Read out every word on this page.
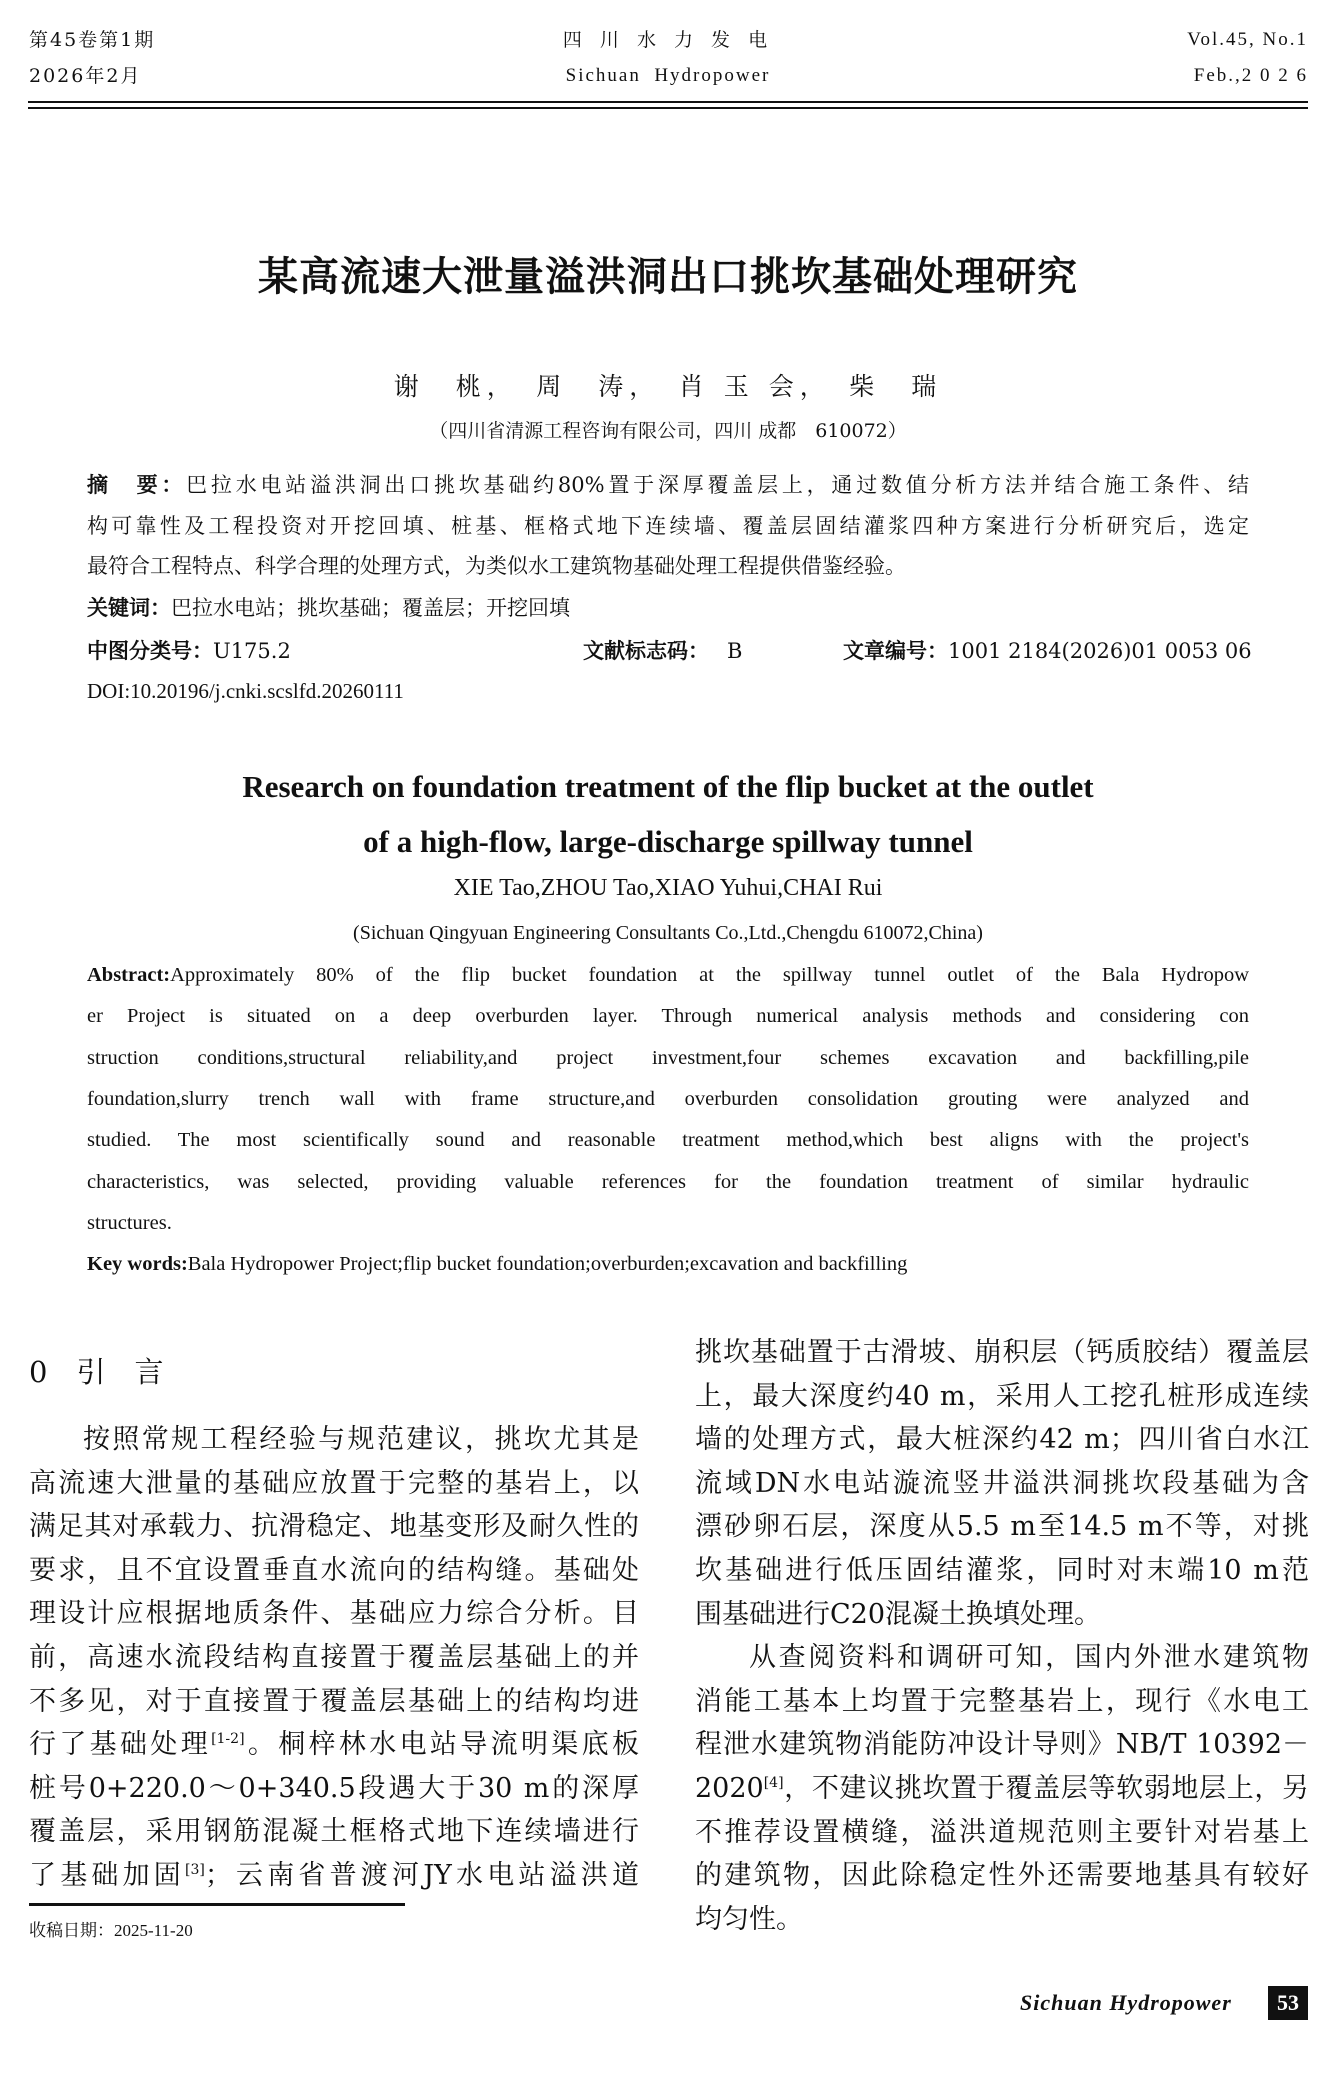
第45卷第1期
2026年2月
四 川 水 力 发 电
Sichuan  Hydropower
Vol.45, No.1
Feb.,2 0 2 6
某高流速大泄量溢洪洞出口挑坎基础处理研究
谢　桃，　周　涛，　肖 玉 会，　柴　瑞
（四川省清源工程咨询有限公司，四川 成都　610072）
摘　要：巴拉水电站溢洪洞出口挑坎基础约80%置于深厚覆盖层上，通过数值分析方法并结合施工条件、结
构可靠性及工程投资对开挖回填、桩基、框格式地下连续墙、覆盖层固结灌浆四种方案进行分析研究后，选定
最符合工程特点、科学合理的处理方式，为类似水工建筑物基础处理工程提供借鉴经验。
关键词：巴拉水电站；挑坎基础；覆盖层；开挖回填
中图分类号：U175.2	文献标志码： B	文章编号：1001 2184(2026)01 0053 06
DOI:10.20196/j.cnki.scslfd.20260111
Research on foundation treatment of the flip bucket at the outlet
of a high-flow, large-discharge spillway tunnel
XIE Tao,ZHOU Tao,XIAO Yuhui,CHAI Rui
(Sichuan Qingyuan Engineering Consultants Co.,Ltd.,Chengdu 610072,China)
Abstract:Approximately 80% of the flip bucket foundation at the spillway tunnel outlet of the Bala Hydropow
er Project is situated on a deep overburden layer. Through numerical analysis methods and considering con
struction conditions,structural reliability,and project investment,four schemes excavation and backfilling,pile
foundation,slurry trench wall with frame structure,and overburden consolidation grouting were analyzed and
studied. The most scientifically sound and reasonable treatment method,which best aligns with the project's
characteristics, was selected, providing valuable references for the foundation treatment of similar hydraulic
structures.
Key words:Bala Hydropower Project;flip bucket foundation;overburden;excavation and backfilling
0　引　言
按照常规工程经验与规范建议，挑坎尤其是
高流速大泄量的基础应放置于完整的基岩上，以
满足其对承载力、抗滑稳定、地基变形及耐久性的
要求，且不宜设置垂直水流向的结构缝。基础处
理设计应根据地质条件、基础应力综合分析。目
前，高速水流段结构直接置于覆盖层基础上的并
不多见，对于直接置于覆盖层基础上的结构均进
行了基础处理[1-2]。桐梓林水电站导流明渠底板
桩号0+220.0～0+340.5段遇大于30 m的深厚
覆盖层，采用钢筋混凝土框格式地下连续墙进行
了基础加固[3]；云南省普渡河JY水电站溢洪道
挑坎基础置于古滑坡、崩积层（钙质胶结）覆盖层
上，最大深度约40 m，采用人工挖孔桩形成连续
墙的处理方式，最大桩深约42 m；四川省白水江
流域DN水电站漩流竖井溢洪洞挑坎段基础为含
漂砂卵石层，深度从5.5 m至14.5 m不等，对挑
坎基础进行低压固结灌浆，同时对末端10 m范
围基础进行C20混凝土换填处理。
从查阅资料和调研可知，国内外泄水建筑物
消能工基本上均置于完整基岩上，现行《水电工
程泄水建筑物消能防冲设计导则》NB/T 10392－
2020[4]，不建议挑坎置于覆盖层等软弱地层上，另
不推荐设置横缝，溢洪道规范则主要针对岩基上
的建筑物，因此除稳定性外还需要地基具有较好
均匀性。
收稿日期：2025-11-20
Sichuan Hydropower	53
